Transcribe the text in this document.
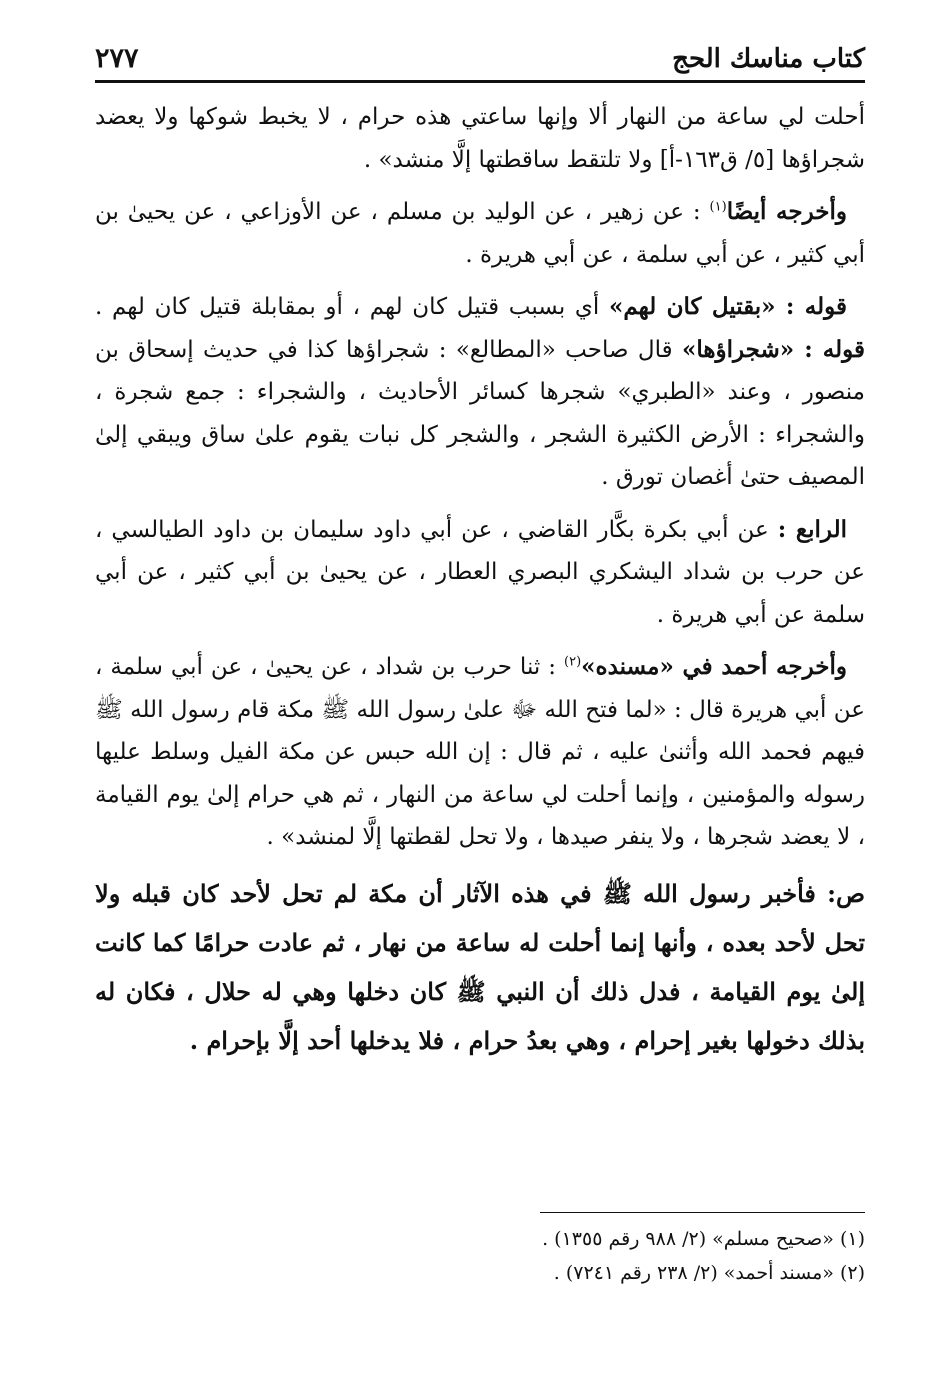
٢٧٧	كتاب مناسك الحج

أحلت لي ساعة من النهار ألا وإنها ساعتي هذه حرام ، لا يخبط شوكها ولا يعضد شجراؤها [٥/ ق١٦٣-أ] ولا تلتقط ساقطتها إلَّا منشد» .

وأخرجه أيضًا$^{(١)}$ : عن زهير ، عن الوليد بن مسلم ، عن الأوزاعي ، عن يحيىٰ بن أبي كثير ، عن أبي سلمة ، عن أبي هريرة .

قوله : «بقتيل كان لهم» أي بسبب قتيل كان لهم ، أو بمقابلة قتيل كان لهم . قوله : «شجراؤها» قال صاحب «المطالع» : شجراؤها كذا في حديث إسحاق بن منصور ، وعند «الطبري» شجرها كسائر الأحاديث ، والشجراء : جمع شجرة ، والشجراء : الأرض الكثيرة الشجر ، والشجر كل نبات يقوم علىٰ ساق ويبقي إلىٰ المصيف حتىٰ أغصان تورق .

الرابع : عن أبي بكرة بكَّار القاضي ، عن أبي داود سليمان بن داود الطيالسي ، عن حرب بن شداد اليشكري البصري العطار ، عن يحيىٰ بن أبي كثير ، عن أبي سلمة عن أبي هريرة .

وأخرجه أحمد في «مسنده»$^{(٢)}$ : ثنا حرب بن شداد ، عن يحيىٰ ، عن أبي سلمة ، عن أبي هريرة قال : «لما فتح الله ﷻ علىٰ رسول الله ﷺ مكة قام رسول الله ﷺ فيهم فحمد الله وأثنىٰ عليه ، ثم قال : إن الله حبس عن مكة الفيل وسلط عليها رسوله والمؤمنين ، وإنما أحلت لي ساعة من النهار ، ثم هي حرام إلىٰ يوم القيامة ، لا يعضد شجرها ، ولا ينفر صيدها ، ولا تحل لقطتها إلَّا لمنشد» .

ص: فأخبر رسول الله ﷺ في هذه الآثار أن مكة لم تحل لأحد كان قبله ولا تحل لأحد بعده ، وأنها إنما أحلت له ساعة من نهار ، ثم عادت حرامًا كما كانت إلىٰ يوم القيامة ، فدل ذلك أن النبي ﷺ كان دخلها وهي له حلال ، فكان له بذلك دخولها بغير إحرام ، وهي بعدُ حرام ، فلا يدخلها أحد إلَّا بإحرام .

(١) «صحيح مسلم» (٢/ ٩٨٨ رقم ١٣٥٥) .
(٢) «مسند أحمد» (٢/ ٢٣٨ رقم ٧٢٤١) .
